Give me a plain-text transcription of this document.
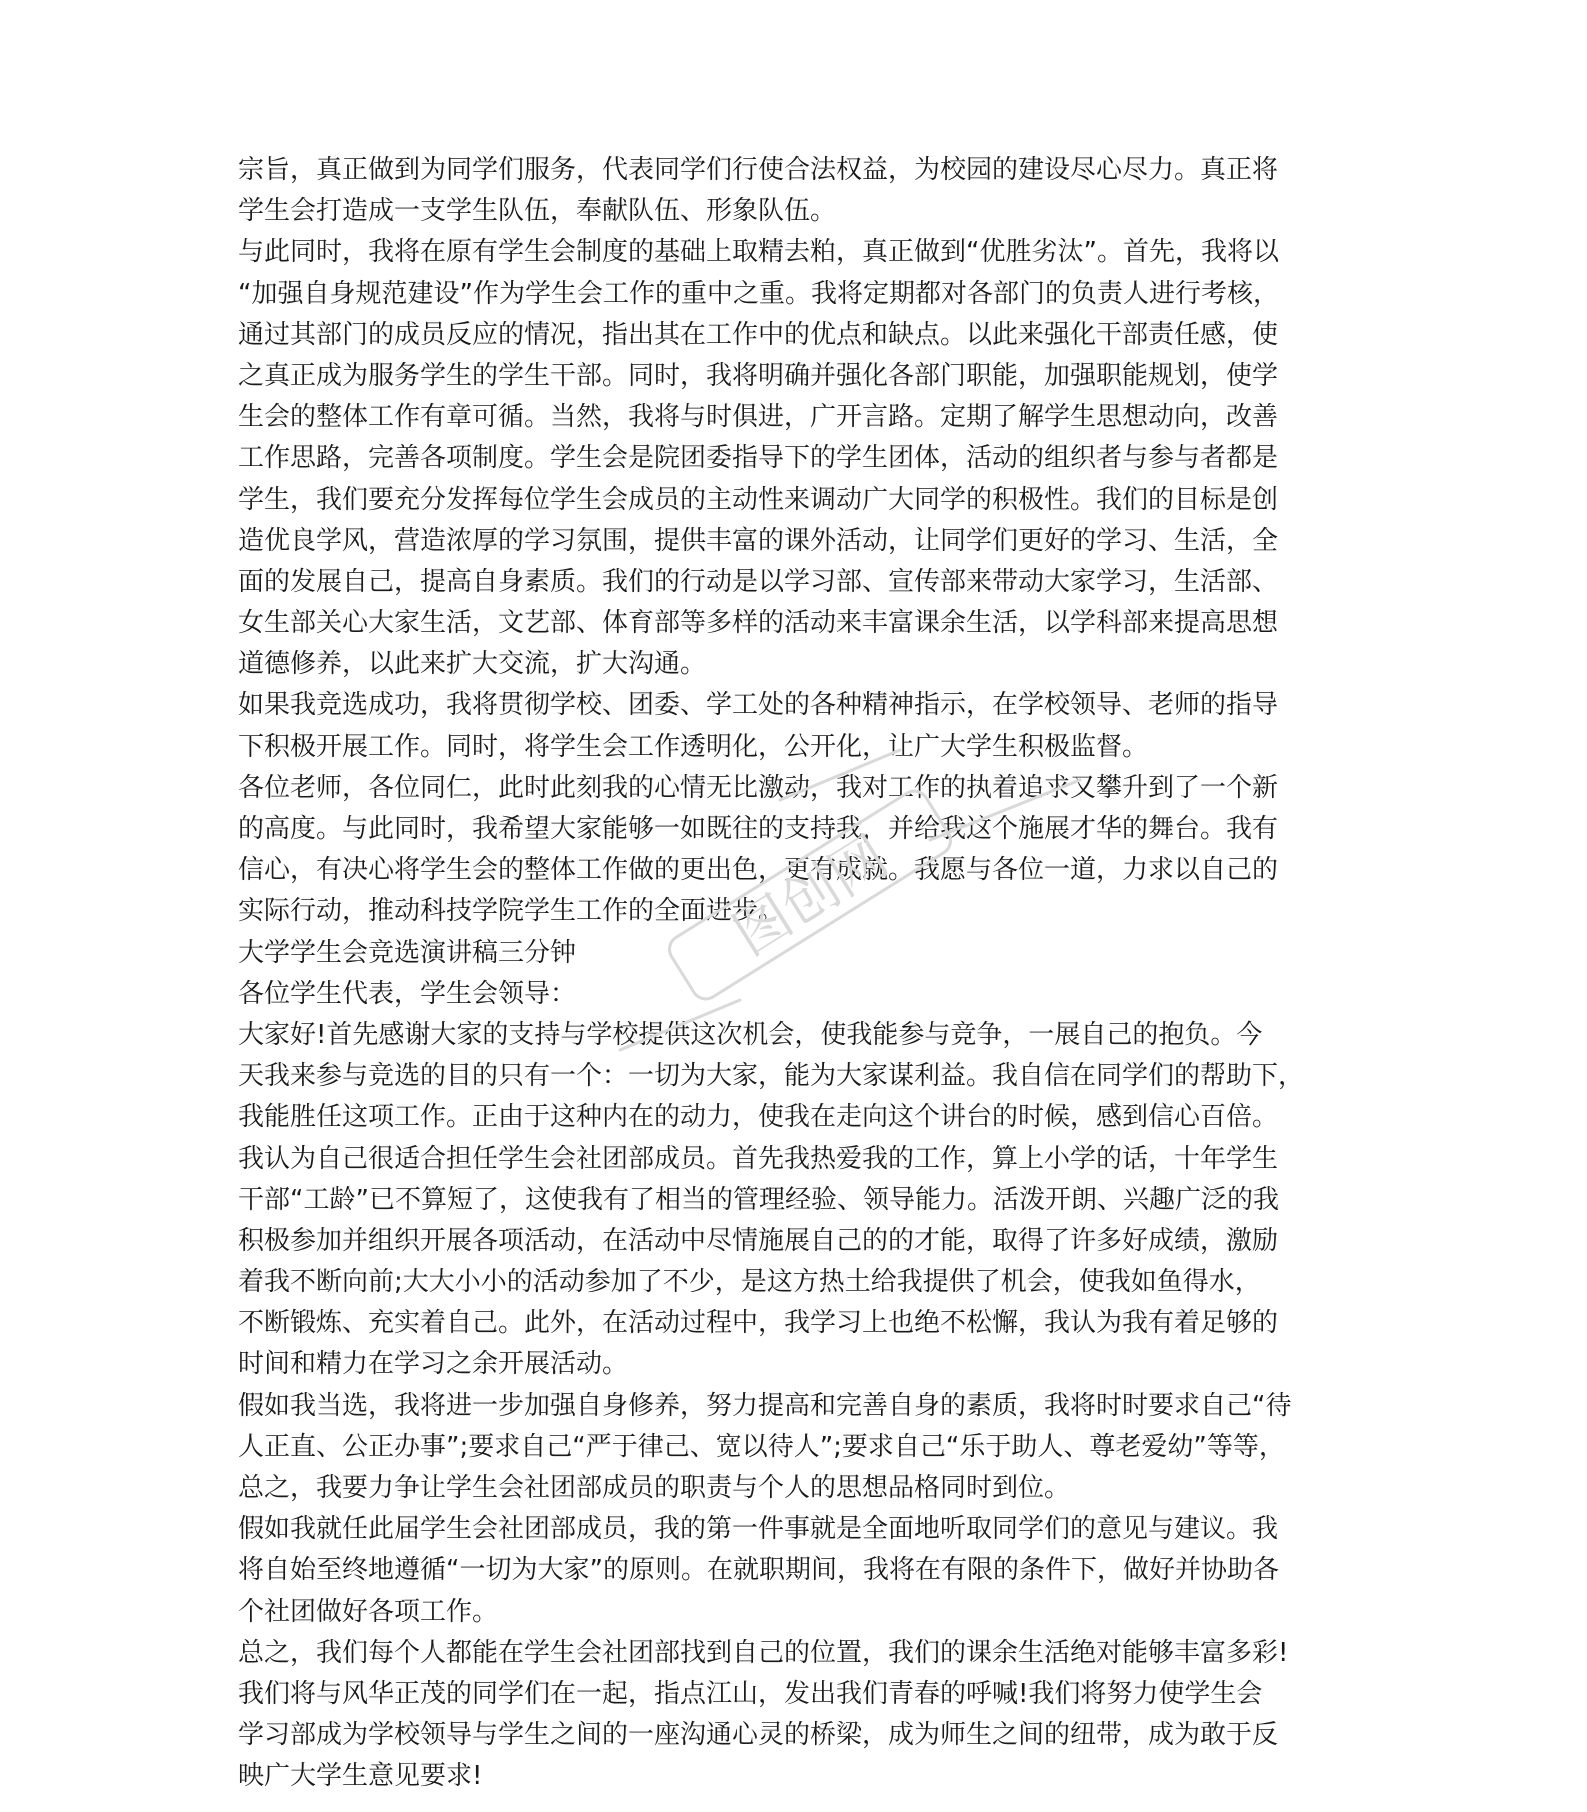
宗旨，真正做到为同学们服务，代表同学们行使合法权益，为校园的建设尽心尽力。真正将
学生会打造成一支学生队伍，奉献队伍、形象队伍。
与此同时，我将在原有学生会制度的基础上取精去粕，真正做到“优胜劣汰”。首先，我将以
“加强自身规范建设”作为学生会工作的重中之重。我将定期都对各部门的负责人进行考核，
通过其部门的成员反应的情况，指出其在工作中的优点和缺点。以此来强化干部责任感，使
之真正成为服务学生的学生干部。同时，我将明确并强化各部门职能，加强职能规划，使学
生会的整体工作有章可循。当然，我将与时俱进，广开言路。定期了解学生思想动向，改善
工作思路，完善各项制度。学生会是院团委指导下的学生团体，活动的组织者与参与者都是
学生，我们要充分发挥每位学生会成员的主动性来调动广大同学的积极性。我们的目标是创
造优良学风，营造浓厚的学习氛围，提供丰富的课外活动，让同学们更好的学习、生活，全
面的发展自己，提高自身素质。我们的行动是以学习部、宣传部来带动大家学习，生活部、
女生部关心大家生活，文艺部、体育部等多样的活动来丰富课余生活，以学科部来提高思想
道德修养，以此来扩大交流，扩大沟通。
如果我竞选成功，我将贯彻学校、团委、学工处的各种精神指示，在学校领导、老师的指导
下积极开展工作。同时，将学生会工作透明化，公开化，让广大学生积极监督。
各位老师，各位同仁，此时此刻我的心情无比激动，我对工作的执着追求又攀升到了一个新
的高度。与此同时，我希望大家能够一如既往的支持我，并给我这个施展才华的舞台。我有
信心，有决心将学生会的整体工作做的更出色，更有成就。我愿与各位一道，力求以自己的
实际行动，推动科技学院学生工作的全面进步。
大学学生会竞选演讲稿三分钟
各位学生代表，学生会领导：
大家好!首先感谢大家的支持与学校提供这次机会，使我能参与竞争，一展自己的抱负。今
天我来参与竞选的目的只有一个：一切为大家，能为大家谋利益。我自信在同学们的帮助下，
我能胜任这项工作。正由于这种内在的动力，使我在走向这个讲台的时候，感到信心百倍。
我认为自己很适合担任学生会社团部成员。首先我热爱我的工作，算上小学的话，十年学生
干部“工龄”已不算短了，这使我有了相当的管理经验、领导能力。活泼开朗、兴趣广泛的我
积极参加并组织开展各项活动，在活动中尽情施展自己的的才能，取得了许多好成绩，激励
着我不断向前;大大小小的活动参加了不少，是这方热土给我提供了机会，使我如鱼得水，
不断锻炼、充实着自己。此外，在活动过程中，我学习上也绝不松懈，我认为我有着足够的
时间和精力在学习之余开展活动。
假如我当选，我将进一步加强自身修养，努力提高和完善自身的素质，我将时时要求自己“待
人正直、公正办事”;要求自己“严于律己、宽以待人”;要求自己“乐于助人、尊老爱幼”等等，
总之，我要力争让学生会社团部成员的职责与个人的思想品格同时到位。
假如我就任此届学生会社团部成员，我的第一件事就是全面地听取同学们的意见与建议。我
将自始至终地遵循“一切为大家”的原则。在就职期间，我将在有限的条件下，做好并协助各
个社团做好各项工作。
总之，我们每个人都能在学生会社团部找到自己的位置，我们的课余生活绝对能够丰富多彩!
我们将与风华正茂的同学们在一起，指点江山，发出我们青春的呼喊!我们将努力使学生会
学习部成为学校领导与学生之间的一座沟通心灵的桥梁，成为师生之间的纽带，成为敢于反
映广大学生意见要求!
图创网
